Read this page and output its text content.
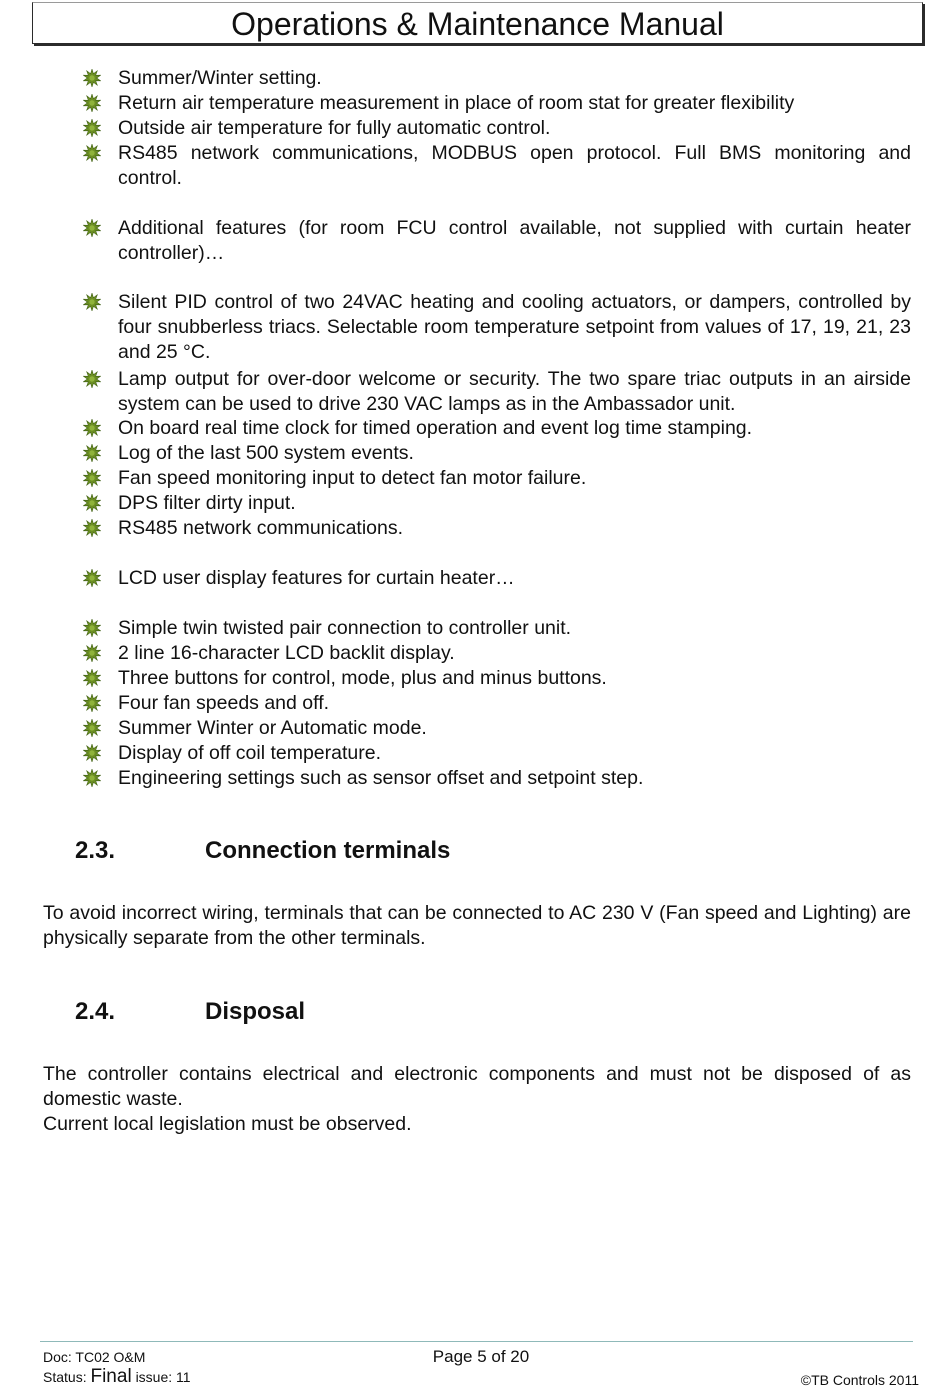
Operations & Maintenance Manual
Summer/Winter setting.
Return air temperature measurement in place of room stat for greater flexibility
Outside air temperature for fully automatic control.
RS485 network communications, MODBUS open protocol. Full BMS monitoring and control.
Additional features (for room FCU control available, not supplied with curtain heater controller)…
Silent PID control of two 24VAC heating and cooling actuators, or dampers, controlled by four snubberless triacs. Selectable room temperature setpoint from values of 17, 19, 21, 23 and 25 °C.
Lamp output for over-door welcome or security. The two spare triac outputs in an airside system can be used to drive 230 VAC lamps as in the Ambassador unit.
On board real time clock for timed operation and event log time stamping.
Log of the last 500 system events.
Fan speed monitoring input to detect fan motor failure.
DPS filter dirty input.
RS485 network communications.
LCD user display features for curtain heater…
Simple twin twisted pair connection to controller unit.
2 line 16-character LCD backlit display.
Three buttons for control, mode, plus and minus buttons.
Four fan speeds and off.
Summer Winter or Automatic mode.
Display of off coil temperature.
Engineering settings such as sensor offset and setpoint step.
2.3.	Connection terminals
To avoid incorrect wiring, terminals that can be connected to AC 230 V (Fan speed and Lighting) are physically separate from the other terminals.
2.4.	Disposal
The controller contains electrical and electronic components and must not be disposed of as domestic waste.
Current local legislation must be observed.
Doc: TC02 O&M	Page 5 of 20
Status: Final issue: 11	©TB Controls 2011
